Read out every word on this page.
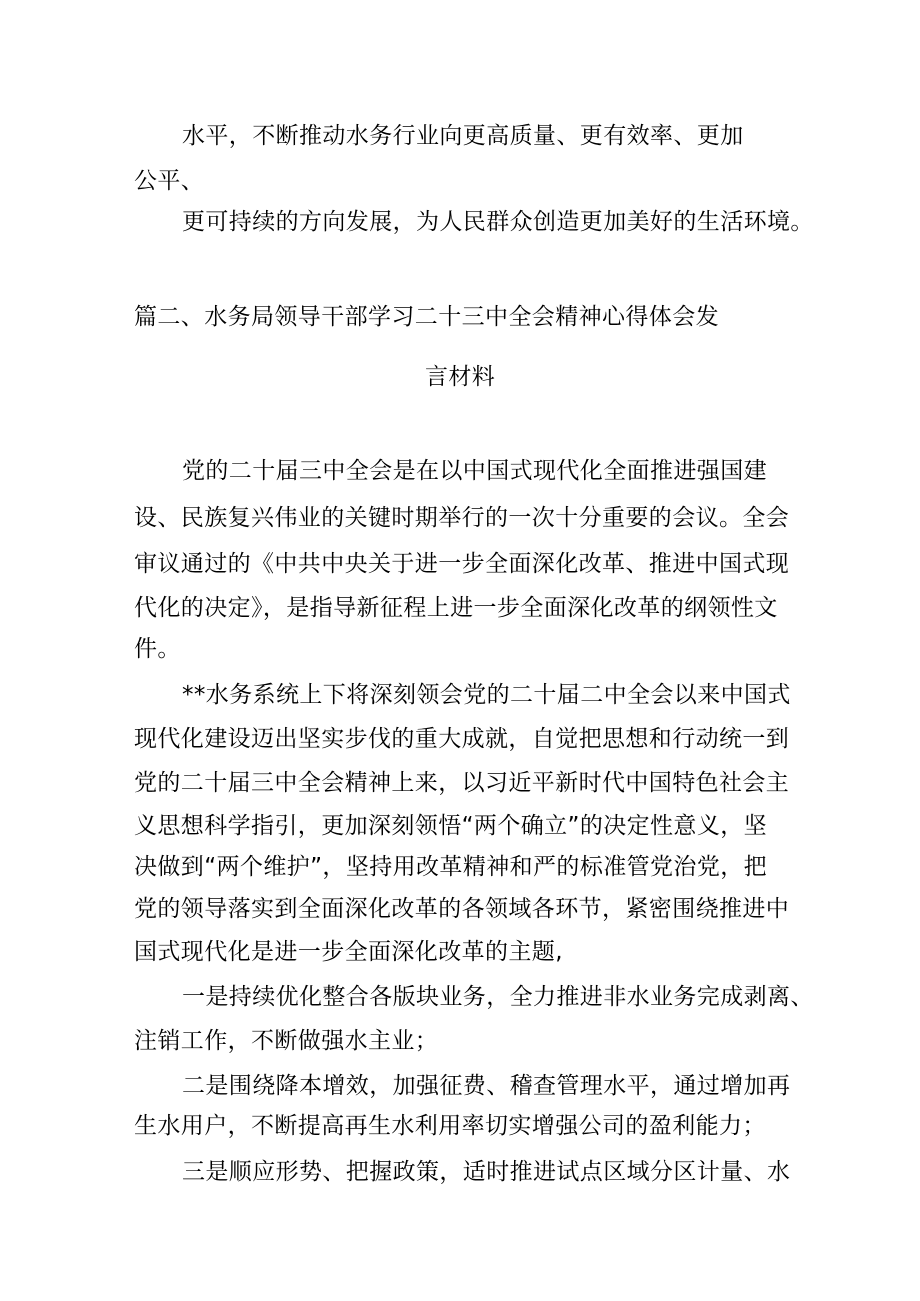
水平，不断推动水务行业向更高质量、更有效率、更加

公平、

更可持续的方向发展，为人民群众创造更加美好的生活环境。

篇二、水务局领导干部学习二十三中全会精神心得体会发

言材料

党的二十届三中全会是在以中国式现代化全面推进强国建

设、民族复兴伟业的关键时期举行的一次十分重要的会议。全会

审议通过的《中共中央关于进一步全面深化改革、推进中国式现

代化的决定》，是指导新征程上进一步全面深化改革的纲领性文

件。

**水务系统上下将深刻领会党的二十届二中全会以来中国式

现代化建设迈出坚实步伐的重大成就，自觉把思想和行动统一到

党的二十届三中全会精神上来，以习近平新时代中国特色社会主

义思想科学指引，更加深刻领悟“两个确立”的决定性意义，坚

决做到“两个维护”，坚持用改革精神和严的标准管党治党，把

党的领导落实到全面深化改革的各领域各环节，紧密围绕推进中

国式现代化是进一步全面深化改革的主题,

一是持续优化整合各版块业务，全力推进非水业务完成剥离、

注销工作，不断做强水主业；

二是围绕降本增效，加强征费、稽查管理水平，通过增加再

生水用户，不断提高再生水利用率切实增强公司的盈利能力；

三是顺应形势、把握政策，适时推进试点区域分区计量、水
